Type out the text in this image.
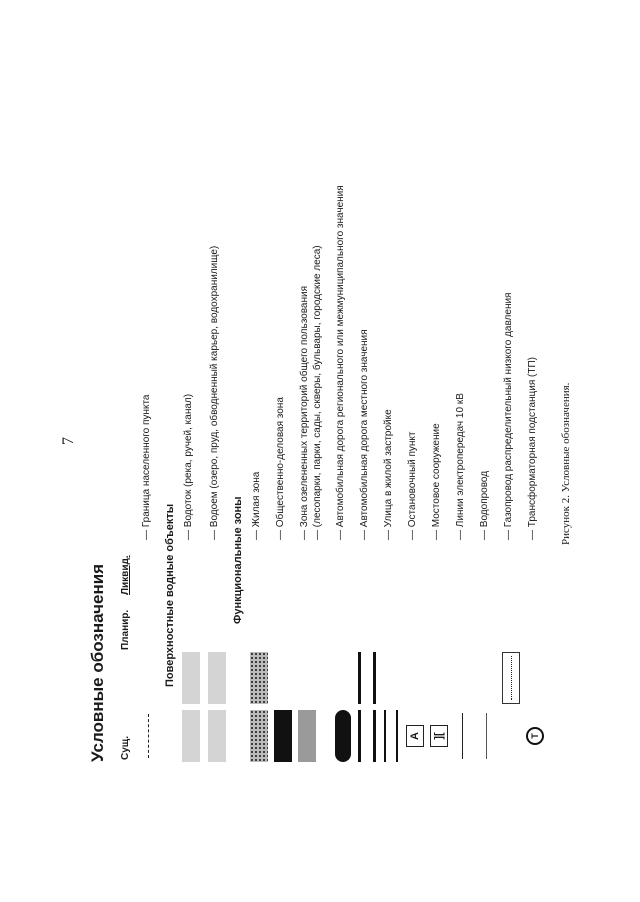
7
Условные обозначения Сущ.
Планир.
Ликвид.
— Граница населенного пункта
Поверхностные водные объекты
— Водоток (река, ручей, канал) — Водоем (озеро, пруд, обводненный карьер, водохранилище)
Функциональные зоны — Жилая зона — Общественно-деловая зона — Зона озелененных территорий общего пользования — (лесопарки, парки, сады, скверы, бульвары, городские леса) — Автомобильная дорога регионального или межмуниципального значения — Автомобильная дорога местного значения — Улица в жилой застройке
A
— Остановочный пункт
][
— Мостовое сооружение — Линии электропередач 10 кВ — Водопровод — Газопровод распределительный низкого давления
Т
— Трансформаторная подстанция (ТП) Рисунок 2. Условные обозначения.
